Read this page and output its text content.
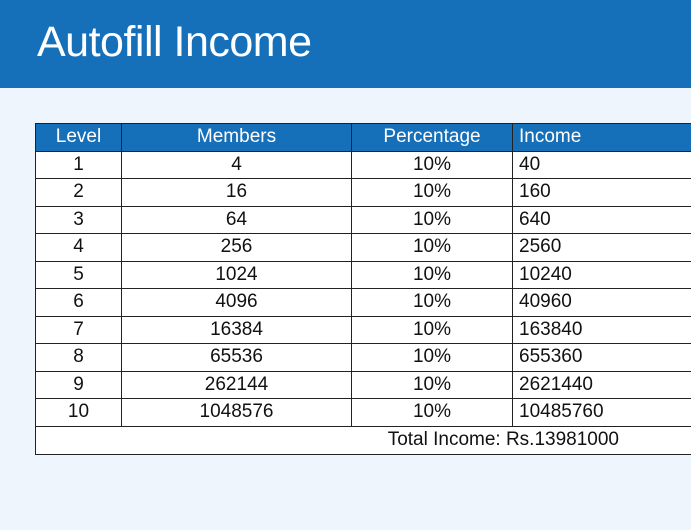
Autofill Income
Level	Members	Percentage	Income
1	4	10%	40
2	16	10%	160
3	64	10%	640
4	256	10%	2560
5	1024	10%	10240
6	4096	10%	40960
7	16384	10%	163840
8	65536	10%	655360
9	262144	10%	2621440
10	1048576	10%	10485760
Total Income: Rs.13981000			
